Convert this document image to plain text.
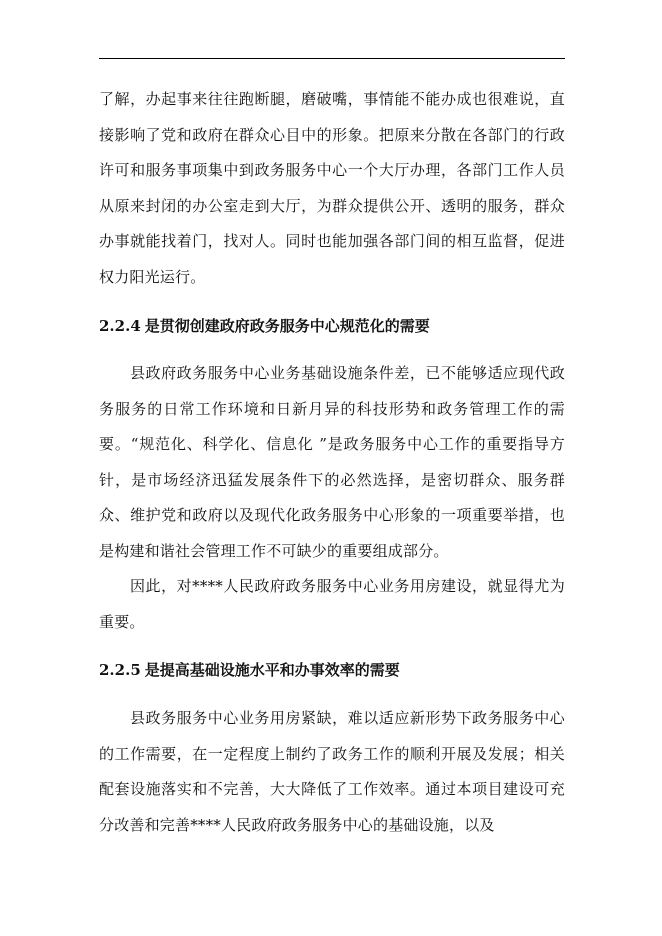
了解，办起事来往往跑断腿，磨破嘴，事情能不能办成也很难说，直接影响了党和政府在群众心目中的形象。把原来分散在各部门的行政许可和服务事项集中到政务服务中心一个大厅办理，各部门工作人员从原来封闭的办公室走到大厅，为群众提供公开、透明的服务，群众办事就能找着门，找对人。同时也能加强各部门间的相互监督，促进权力阳光运行。

2.2.4 是贯彻创建政府政务服务中心规范化的需要

县政府政务服务中心业务基础设施条件差，已不能够适应现代政务服务的日常工作环境和日新月异的科技形势和政务管理工作的需要。“规范化、科学化、信息化 ”是政务服务中心工作的重要指导方针，是市场经济迅猛发展条件下的必然选择，是密切群众、服务群众、维护党和政府以及现代化政务服务中心形象的一项重要举措，也是构建和谐社会管理工作不可缺少的重要组成部分。

因此，对****人民政府政务服务中心业务用房建设，就显得尤为重要。

2.2.5 是提高基础设施水平和办事效率的需要

县政务服务中心业务用房紧缺，难以适应新形势下政务服务中心的工作需要，在一定程度上制约了政务工作的顺利开展及发展；相关配套设施落实和不完善，大大降低了工作效率。通过本项目建设可充分改善和完善****人民政府政务服务中心的基础设施，以及
